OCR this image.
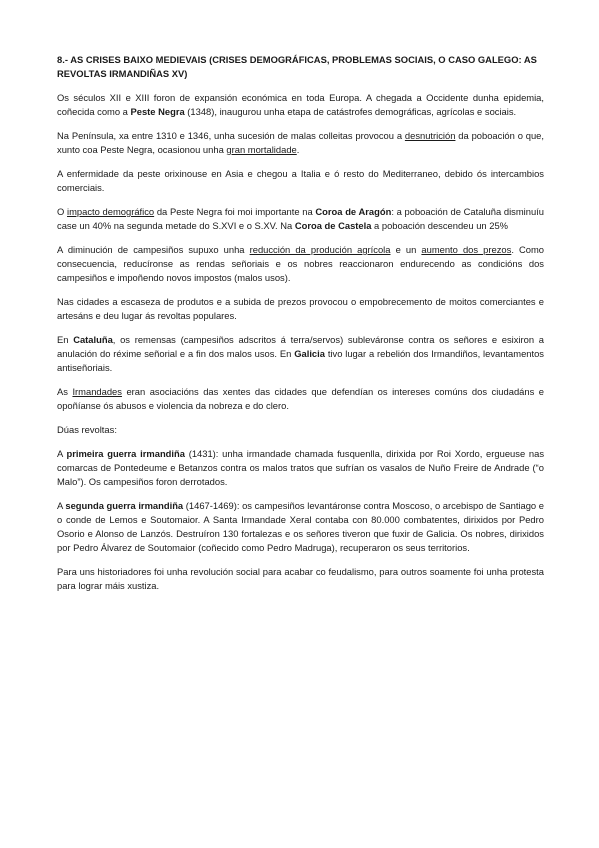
8.- AS CRISES BAIXO MEDIEVAIS (CRISES DEMOGRÁFICAS, PROBLEMAS SOCIAIS, O CASO GALEGO: AS REVOLTAS IRMANDIÑAS XV)

Os séculos XII e XIII foron de expansión económica en toda Europa. A chegada a Occidente dunha epidemia, coñecida como a Peste Negra (1348), inaugurou unha etapa de catástrofes demográficas, agrícolas e sociais.

Na Península, xa entre 1310 e 1346, unha sucesión de malas colleitas provocou a desnutrición da poboación o que, xunto coa Peste Negra, ocasionou unha gran mortalidade.

A enfermidade da peste orixinouse en Asia e chegou a Italia e ó resto do Mediterraneo, debido ós intercambios comerciais.

O impacto demográfico da Peste Negra foi moi importante na Coroa de Aragón: a poboación de Cataluña disminuíu case un 40% na segunda metade do S.XVI e o S.XV. Na Coroa de Castela a poboación descendeu un 25%

A diminución de campesiños supuxo unha reducción da produción agrícola e un aumento dos prezos. Como consecuencia, reducíronse as rendas señoriais e os nobres reaccionaron endurecendo as condicións dos campesiños e impoñendo novos impostos (malos usos).

Nas cidades a escaseza de produtos e a subida de prezos provocou o empobrecemento de moitos comerciantes e artesáns e deu lugar ás revoltas populares.

En Cataluña, os remensas (campesiños adscritos á terra/servos) subleváronse contra os señores e esixiron a anulación do réxime señorial e a fin dos malos usos. En Galicia tivo lugar a rebelión dos Irmandiños, levantamentos antiseñoriais.

As Irmandades eran asociacións das xentes das cidades que defendían os intereses comúns dos ciudadáns e opoñíanse ós abusos e violencia da nobreza e do clero.

Dúas revoltas:

A primeira guerra irmandiña (1431): unha irmandade chamada fusquenlla, dirixida por Roi Xordo, ergueuse nas comarcas de Pontedeume e Betanzos contra os malos tratos que sufrían os vasalos de Nuño Freire de Andrade (“o Malo”). Os campesiños foron derrotados.

A segunda guerra irmandiña (1467-1469): os campesiños levantáronse contra Moscoso, o arcebispo de Santiago e o conde de Lemos e Soutomaior. A Santa Irmandade Xeral contaba con 80.000 combatentes, dirixidos por Pedro Osorio e Alonso de Lanzós. Destruíron 130 fortalezas e os señores tiveron que fuxir de Galicia. Os nobres, dirixidos por Pedro Álvarez de Soutomaior (coñecido como Pedro Madruga), recuperaron os seus territorios.

Para uns historiadores foi unha revolución social para acabar co feudalismo, para outros soamente foi unha protesta para lograr máis xustiza.
